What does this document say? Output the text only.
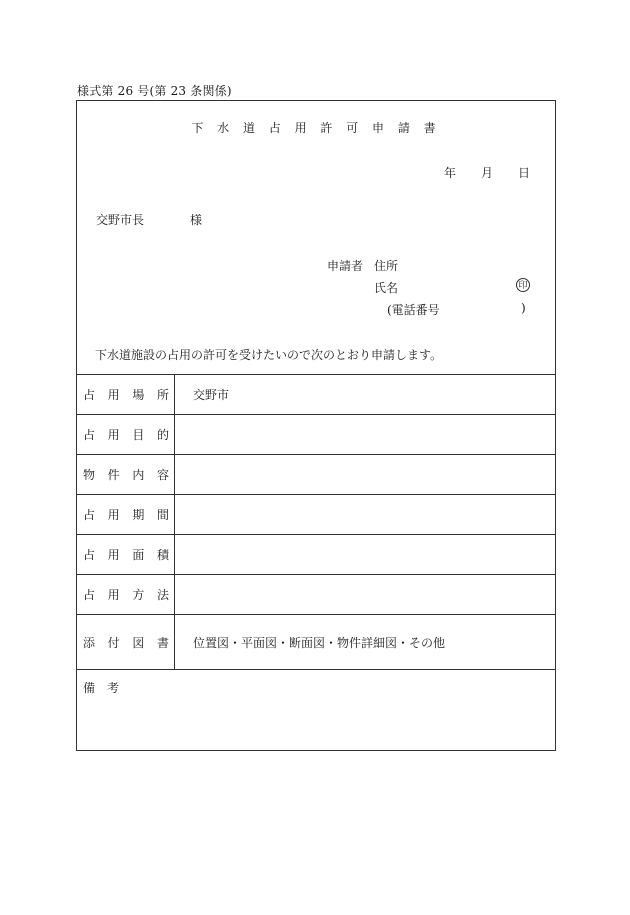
様式第 26 号(第 23 条関係)
下 水 道 占 用 許 可 申 請 書
年 月 日
交野市長	様
申請者 住所
氏名	印
(電話番号	)
下水道施設の占用の許可を受けたいので次のとおり申請します。
占 用 場 所 交野市
占 用 目 的
物 件 内 容
占 用 期 間
占 用 面 積
占 用 方 法
添 付 図 書 位置図・平面図・断面図・物件詳細図・その他
備 考
